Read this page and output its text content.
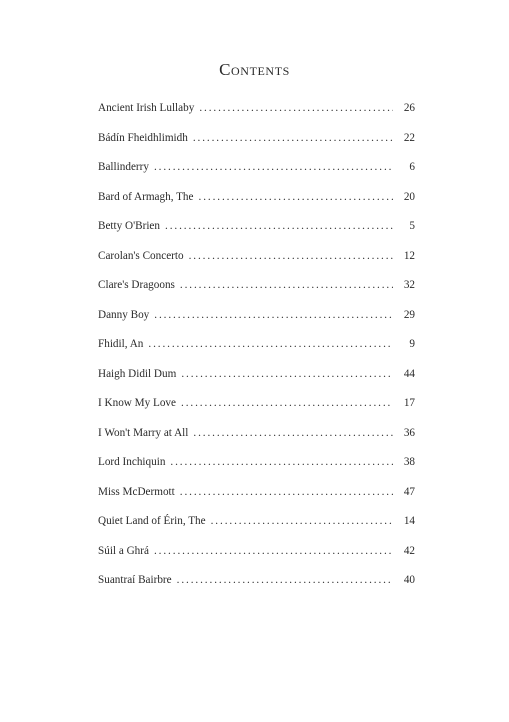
Contents
Ancient Irish Lullaby . . .	26
Bádín Fheidhlimidh . . .	22
Ballinderry . . .	6
Bard of Armagh, The . . .	20
Betty O'Brien . . .	5
Carolan's Concerto . . .	12
Clare's Dragoons . . .	32
Danny Boy . . .	29
Fhidil, An . . .	9
Haigh Didil Dum . . .	44
I Know My Love . . .	17
I Won't Marry at All . . .	36
Lord Inchiquin . . .	38
Miss McDermott . . .	47
Quiet Land of Érin, The . . .	14
Súil a Ghrá . . .	42
Suantraí Bairbre . . .	40
